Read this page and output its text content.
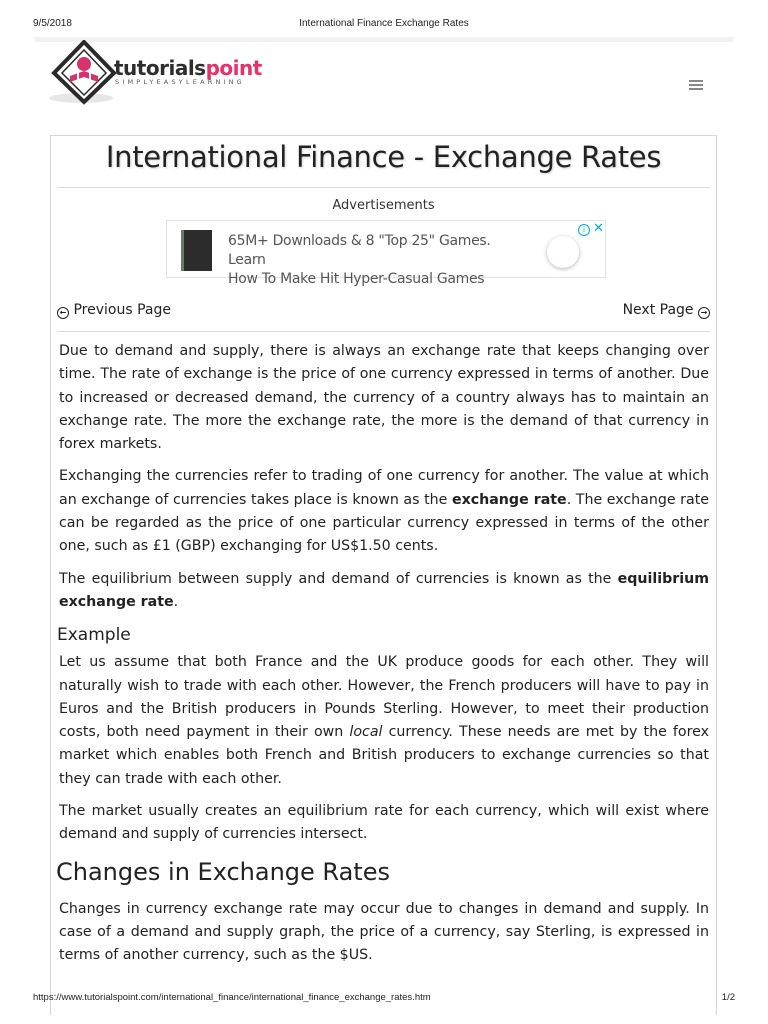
9/5/2018	International Finance Exchange Rates
tutorialspoint
SIMPLYEASYLEARNING
International Finance - Exchange Rates
Advertisements
65M+ Downloads & 8 "Top 25" Games. Learn
How To Make Hit Hyper-Casual Games
i ✕
← Previous Page	Next Page →

Due to demand and supply, there is always an exchange rate that keeps changing over time. The rate of exchange is the price of one currency expressed in terms of another. Due to increased or decreased demand, the currency of a country always has to maintain an exchange rate. The more the exchange rate, the more is the demand of that currency in forex markets.

Exchanging the currencies refer to trading of one currency for another. The value at which an exchange of currencies takes place is known as the exchange rate. The exchange rate can be regarded as the price of one particular currency expressed in terms of the other one, such as £1 (GBP) exchanging for US$1.50 cents.

The equilibrium between supply and demand of currencies is known as the equilibrium exchange rate.

Example

Let us assume that both France and the UK produce goods for each other. They will naturally wish to trade with each other. However, the French producers will have to pay in Euros and the British producers in Pounds Sterling. However, to meet their production costs, both need payment in their own local currency. These needs are met by the forex market which enables both French and British producers to exchange currencies so that they can trade with each other.

The market usually creates an equilibrium rate for each currency, which will exist where demand and supply of currencies intersect.

Changes in Exchange Rates

Changes in currency exchange rate may occur due to changes in demand and supply. In case of a demand and supply graph, the price of a currency, say Sterling, is expressed in terms of another currency, such as the $US.

https://www.tutorialspoint.com/international_finance/international_finance_exchange_rates.htm	1/2
